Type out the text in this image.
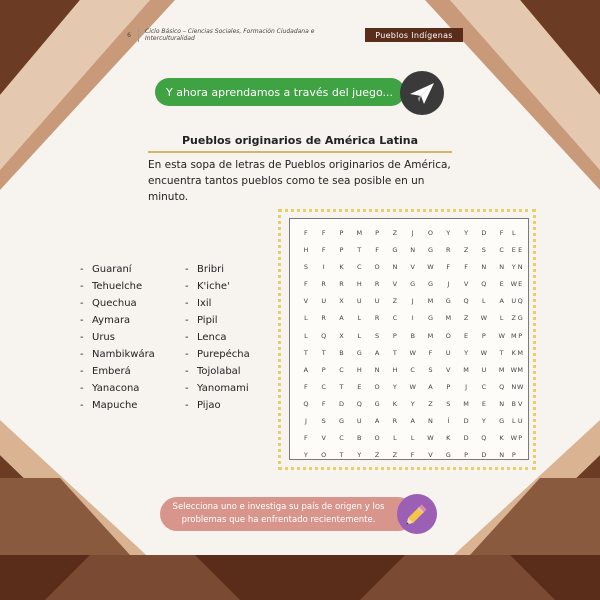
6	Ciclo Básico – Ciencias Sociales, Formación Ciudadana e Interculturalidad	Pueblos Indígenas
Y ahora aprendamos a través del juego...
Pueblos originarios de América Latina
En esta sopa de letras de Pueblos originarios de América, encuentra tantos pueblos como te sea posible en un minuto.
- Guaraní
- Tehuelche
- Quechua
- Aymara
- Urus
- Nambikwára
- Emberá
- Yanacona
- Mapuche
- Bribri
- K'iche'
- Ixil
- Pipil
- Lenca
- Purepécha
- Tojolabal
- Yanomami
- Pijao
F	F	P	M	P	Z	J	O	Y	Y	D	F	L
H	F	P	T	F	G	N	G	R	Z	S	C	E E
S	I	K	C	O	N	V	W	F	F	N	N	Y N
F	R	R	H	R	V	G	G	J	V	Q	E	W E
V	U	X	U	U	Z	J	M	G	Q	L	A	U Q
L	R	A	L	R	C	I	G	M	Z	W	L	Z G
L	Q	X	L	S	P	B	M	O	E	P	W M P
T	T	B	G	A	T	W	F	U	Y	W	T	K M
A	P	C	H	N	H	C	S	V	M	U	M W M
F	C	T	E	O	Y	W	A	P	J	C	Q	N W
Q	F	D	Q	G	K	Y	Z	S	M	E	N	B V
J	S	G	U	A	R	A	N	Í	D	Y	G	L U
F	V	C	B	O	L	L	W	K	D	Q	K	W P
Y	O	T	Y	Z	Z	F	V	G	P	D	N	P
Selecciona uno e investiga su país de origen y los problemas que ha enfrentado recientemente.
